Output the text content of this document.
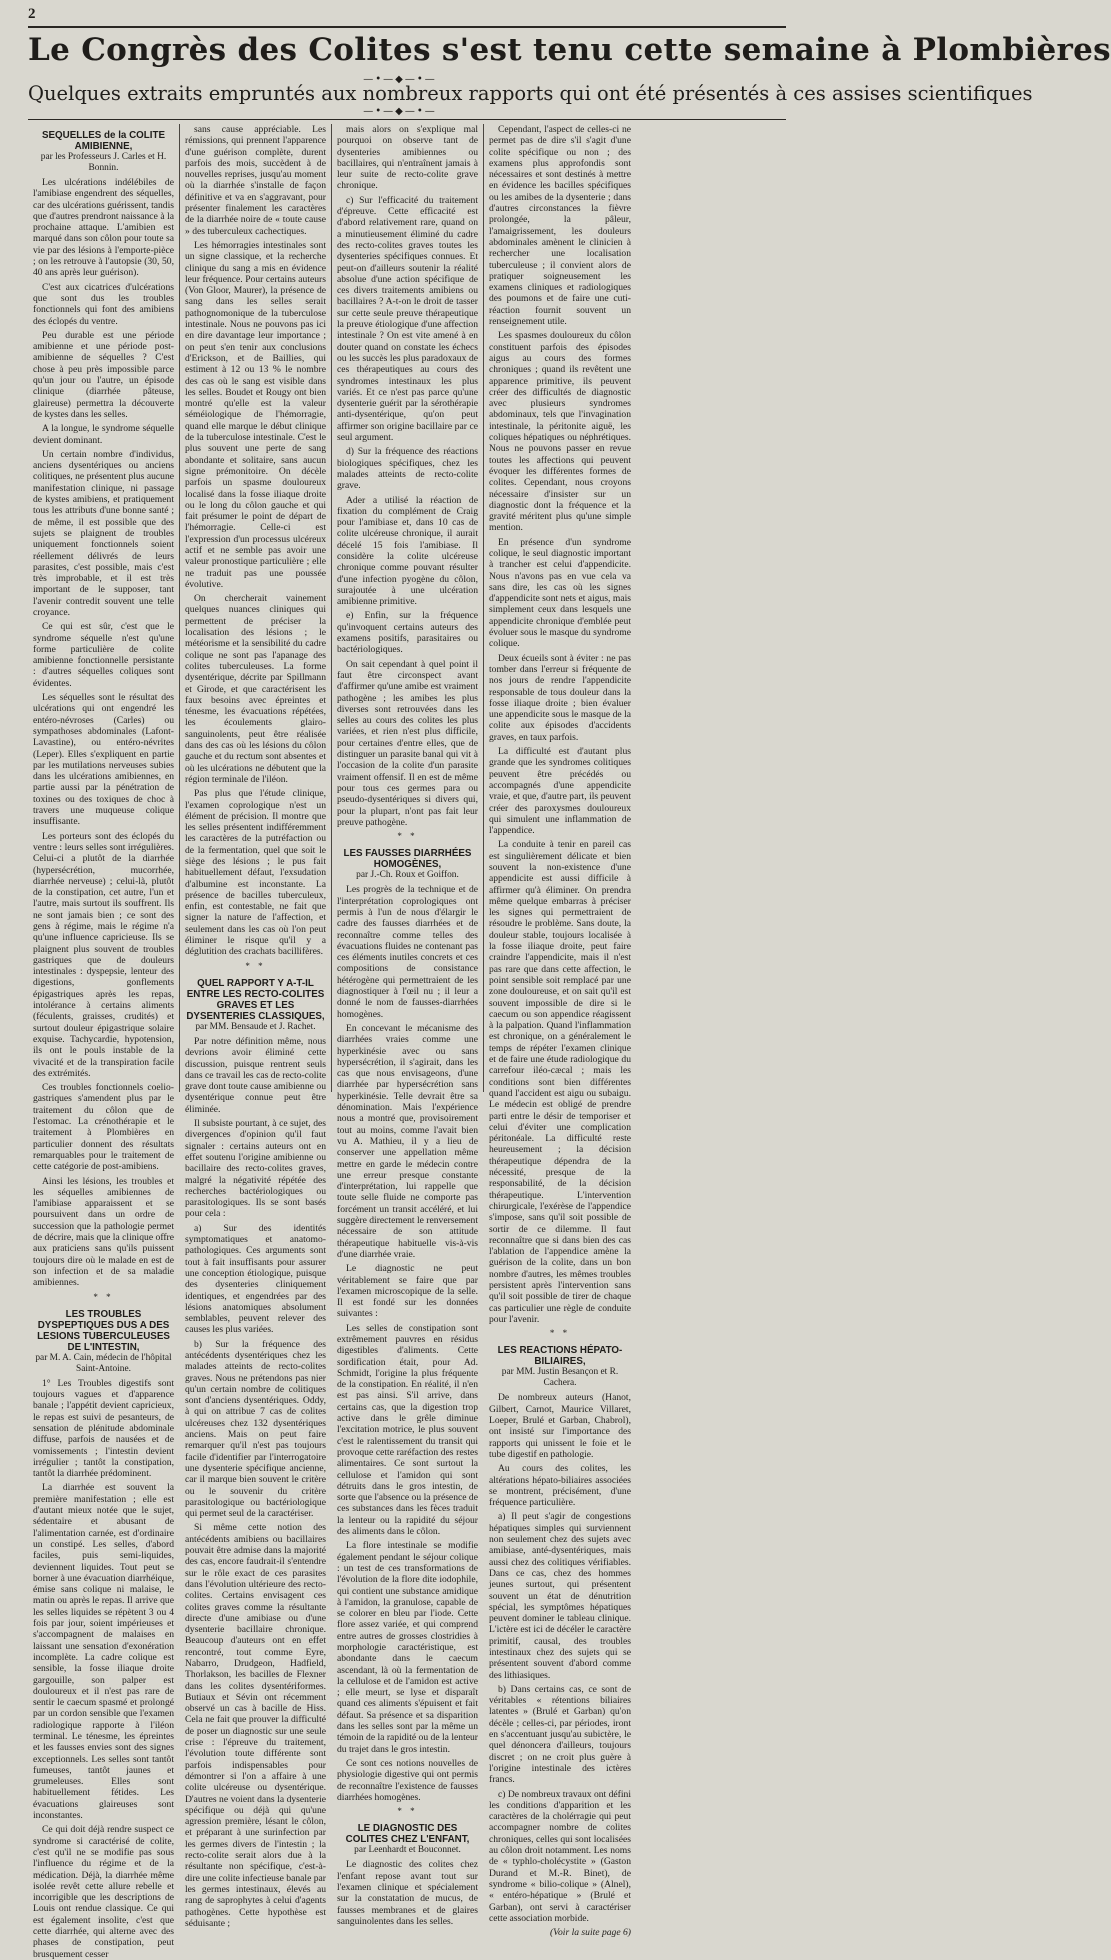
2
Le Congrès des Colites s'est tenu cette semaine à Plombières
—•—◆—•—
Quelques extraits empruntés aux nombreux rapports qui ont été présentés à ces assises scientifiques
—•—◆—•—
SEQUELLES de la COLITE AMIBIENNE,
par les Professeurs J. Carles et H. Bonnin.

Les ulcérations indélébiles de l'amibiase engendrent des séquelles, car des ulcérations guérissent, tandis que d'autres prendront naissance à la prochaine attaque. L'amibien est marqué dans son côlon pour toute sa vie par des lésions à l'emporte-pièce ; on les retrouve à l'autopsie (30, 50, 40 ans après leur guérison).

C'est aux cicatrices d'ulcérations que sont dus les troubles fonctionnels qui font des amibiens des éclopés du ventre.

Peu durable est une période amibienne et une période post-amibienne de séquelles ? C'est chose à peu près impossible parce qu'un jour ou l'autre, un épisode clinique (diarrhée pâteuse, glaireuse) permettra la découverte de kystes dans les selles.

A la longue, le syndrome séquelle devient dominant.

Un certain nombre d'individus, anciens dysentériques ou anciens colitiques, ne présentent plus aucune manifestation clinique, ni passage de kystes amibiens, et pratiquement tous les attributs d'une bonne santé ; de même, il est possible que des sujets se plaignent de troubles uniquement fonctionnels soient réellement délivrés de leurs parasites, c'est possible, mais c'est très improbable, et il est très important de le supposer, tant l'avenir contredit souvent une telle croyance.

Ce qui est sûr, c'est que le syndrome séquelle n'est qu'une forme particulière de colite amibienne fonctionnelle persistante : d'autres séquelles coliques sont évidentes.

Les séquelles sont le résultat des ulcérations qui ont engendré les entéro-névroses (Carles) ou sympathoses abdominales (Lafont-Lavastine), ou entéro-névrites (Leper). Elles s'expliquent en partie par les mutilations nerveuses subies dans les ulcérations amibiennes, en partie aussi par la pénétration de toxines ou des toxiques de choc à travers une muqueuse colique insuffisante.

Les porteurs sont des éclopés du ventre : leurs selles sont irrégulières. Celui-ci a plutôt de la diarrhée (hypersécrétion, mucorrhée, diarrhée nerveuse) ; celui-là, plutôt de la constipation, cet autre, l'un et l'autre, mais surtout ils souffrent. Ils ne sont jamais bien ; ce sont des gens à régime, mais le régime n'a qu'une influence capricieuse. Ils se plaignent plus souvent de troubles gastriques que de douleurs intestinales : dyspepsie, lenteur des digestions, gonflements épigastriques après les repas, intolérance à certains aliments (féculents, graisses, crudités) et surtout douleur épigastrique solaire exquise. Tachycardie, hypotension, ils ont le pouls instable de la vivacité et de la transpiration facile des extrémités.

Ces troubles fonctionnels coelio-gastriques s'amendent plus par le traitement du côlon que de l'estomac. La crénothérapie et le traitement à Plombières en particulier donnent des résultats remarquables pour le traitement de cette catégorie de post-amibiens.

Ainsi les lésions, les troubles et les séquelles amibiennes de l'amibiase apparaissent et se poursuivent dans un ordre de succession que la pathologie permet de décrire, mais que la clinique offre aux praticiens sans qu'ils puissent toujours dire où le malade en est de son infection et de sa maladie amibiennes.

* *
LES TROUBLES DYSPEPTIQUES DUS A DES LESIONS TUBERCULEUSES DE L'INTESTIN,
par M. A. Cain, médecin de l'hôpital Saint-Antoine.

1° Les Troubles digestifs sont toujours vagues et d'apparence banale ; l'appétit devient capricieux, le repas est suivi de pesanteurs, de sensation de plénitude abdominale diffuse, parfois de nausées et de vomissements ; l'intestin devient irrégulier ; tantôt la constipation, tantôt la diarrhée prédominent.

La diarrhée est souvent la première manifestation ; elle est d'autant mieux notée que le sujet, sédentaire et abusant de l'alimentation carnée, est d'ordinaire un constipé. Les selles, d'abord faciles, puis semi-liquides, deviennent liquides. Tout peut se borner à une évacuation diarrhéique, émise sans colique ni malaise, le matin ou après le repas. Il arrive que les selles liquides se répètent 3 ou 4 fois par jour, soient impérieuses et s'accompagnent de malaises en laissant une sensation d'exonération incomplète. La cadre colique est sensible, la fosse iliaque droite gargouille, son palper est douloureux et il n'est pas rare de sentir le caecum spasmé et prolongé par un cordon sensible que l'examen radiologique rapporte à l'iléon terminal. Le ténesme, les épreintes et les fausses envies sont des signes exceptionnels. Les selles sont tantôt fumeuses, tantôt jaunes et grumeleuses. Elles sont habituellement fétides. Les évacuations glaireuses sont inconstantes.

Ce qui doit déjà rendre suspect ce syndrome si caractérisé de colite, c'est qu'il ne se modifie pas sous l'influence du régime et de la médication. Déjà, la diarrhée même isolée revêt cette allure rebelle et incorrigible que les descriptions de Louis ont rendue classique. Ce qui est également insolite, c'est que cette diarrhée, qui alterne avec des phases de constipation, peut brusquement cesser

sans cause appréciable. Les rémissions, qui prennent l'apparence d'une guérison complète, durent parfois des mois, succèdent à de nouvelles reprises, jusqu'au moment où la diarrhée s'installe de façon définitive et va en s'aggravant, pour présenter finalement les caractères de la diarrhée noire de « toute cause » des tuberculeux cachectiques.

Les hémorragies intestinales sont un signe classique, et la recherche clinique du sang a mis en évidence leur fréquence. Pour certains auteurs (Von Gloor, Maurer), la présence de sang dans les selles serait pathognomonique de la tuberculose intestinale. Nous ne pouvons pas ici en dire davantage leur importance ; on peut s'en tenir aux conclusions d'Erickson, et de Baillies, qui estiment à 12 ou 13 % le nombre des cas où le sang est visible dans les selles. Boudet et Rougy ont bien montré qu'elle est la valeur séméiologique de l'hémorragie, quand elle marque le début clinique de la tuberculose intestinale. C'est le plus souvent une perte de sang abondante et solitaire, sans aucun signe prémonitoire. On décèle parfois un spasme douloureux localisé dans la fosse iliaque droite ou le long du côlon gauche et qui fait présumer le point de départ de l'hémorragie. Celle-ci est l'expression d'un processus ulcéreux actif et ne semble pas avoir une valeur pronostique particulière ; elle ne traduit pas une poussée évolutive.

On chercherait vainement quelques nuances cliniques qui permettent de préciser la localisation des lésions ; le météorisme et la sensibilité du cadre colique ne sont pas l'apanage des colites tuberculeuses. La forme dysentérique, décrite par Spillmann et Girode, et que caractérisent les faux besoins avec épreintes et ténesme, les évacuations répétées, les écoulements glairo-sanguinolents, peut être réalisée dans des cas où les lésions du côlon gauche et du rectum sont absentes et où les ulcérations ne débutent que la région terminale de l'iléon.

Pas plus que l'étude clinique, l'examen coprologique n'est un élément de précision. Il montre que les selles présentent indifféremment les caractères de la putréfaction ou de la fermentation, quel que soit le siège des lésions ; le pus fait habituellement défaut, l'exsudation d'albumine est inconstante. La présence de bacilles tuberculeux, enfin, est contestable, ne fait que signer la nature de l'affection, et seulement dans les cas où l'on peut éliminer le risque qu'il y a déglutition des crachats bacillifères.

* *
QUEL RAPPORT Y A-T-IL ENTRE LES RECTO-COLITES GRAVES ET LES DYSENTERIES CLASSIQUES,
par MM. Bensaude et J. Rachet.

Par notre définition même, nous devrions avoir éliminé cette discussion, puisque rentrent seuls dans ce travail les cas de recto-colite grave dont toute cause amibienne ou dysentérique connue peut être éliminée.

Il subsiste pourtant, à ce sujet, des divergences d'opinion qu'il faut signaler : certains auteurs ont en effet soutenu l'origine amibienne ou bacillaire des recto-colites graves, malgré la négativité répétée des recherches bactériologiques ou parasitologiques. Ils se sont basés pour cela :

a) Sur des identités symptomatiques et anatomo-pathologiques. Ces arguments sont tout à fait insuffisants pour assurer une conception étiologique, puisque des dysenteries cliniquement identiques, et engendrées par des lésions anatomiques absolument semblables, peuvent relever des causes les plus variées.

b) Sur la fréquence des antécédents dysentériques chez les malades atteints de recto-colites graves. Nous ne prétendons pas nier qu'un certain nombre de colitiques sont d'anciens dysentériques. Oddy, à qui on attribue 7 cas de colites ulcéreuses chez 132 dysentériques anciens. Mais on peut faire remarquer qu'il n'est pas toujours facile d'identifier par l'interrogatoire une dysenterie spécifique ancienne, car il marque bien souvent le critère ou le souvenir du critère parasitologique ou bactériologique qui permet seul de la caractériser.

Si même cette notion des antécédents amibiens ou bacillaires pouvait être admise dans la majorité des cas, encore faudrait-il s'entendre sur le rôle exact de ces parasites dans l'évolution ultérieure des recto-colites. Certains envisagent ces colites graves comme la résultante directe d'une amibiase ou d'une dysenterie bacillaire chronique. Beaucoup d'auteurs ont en effet rencontré, tout comme Eyre, Nabarro, Drudgeon, Hadfield, Thorlakson, les bacilles de Flexner dans les colites dysentériformes. Butiaux et Sévin ont récemment observé un cas à bacille de Hiss. Cela ne fait que prouver la difficulté de poser un diagnostic sur une seule crise : l'épreuve du traitement, l'évolution toute différente sont parfois indispensables pour démontrer si l'on a affaire à une colite ulcéreuse ou dysentérique. D'autres ne voient dans la dysenterie spécifique ou déjà qui qu'une agression première, lésant le côlon, et préparant à une surinfection par les germes divers de l'intestin ; la recto-colite serait alors due à la résultante non spécifique, c'est-à-dire une colite infectieuse banale par les germes intestinaux, élevés au rang de saprophytes à celui d'agents pathogènes. Cette hypothèse est séduisante ;

mais alors on s'explique mal pourquoi on observe tant de dysenteries amibiennes ou bacillaires, qui n'entraînent jamais à leur suite de recto-colite grave chronique.

c) Sur l'efficacité du traitement d'épreuve. Cette efficacité est d'abord relativement rare, quand on a minutieusement éliminé du cadre des recto-colites graves toutes les dysenteries spécifiques connues. Et peut-on d'ailleurs soutenir la réalité absolue d'une action spécifique de ces divers traitements amibiens ou bacillaires ? A-t-on le droit de tasser sur cette seule preuve thérapeutique la preuve étiologique d'une affection intestinale ? On est vite amené à en douter quand on constate les échecs ou les succès les plus paradoxaux de ces thérapeutiques au cours des syndromes intestinaux les plus variés. Et ce n'est pas parce qu'une dysenterie guérit par la sérothérapie anti-dysentérique, qu'on peut affirmer son origine bacillaire par ce seul argument.

d) Sur la fréquence des réactions biologiques spécifiques, chez les malades atteints de recto-colite grave.

Ader a utilisé la réaction de fixation du complément de Craig pour l'amibiase et, dans 10 cas de colite ulcéreuse chronique, il aurait décelé 15 fois l'amibiase. Il considère la colite ulcéreuse chronique comme pouvant résulter d'une infection pyogène du côlon, surajoutée à une ulcération amibienne primitive.

e) Enfin, sur la fréquence qu'invoquent certains auteurs des examens positifs, parasitaires ou bactériologiques.

On sait cependant à quel point il faut être circonspect avant d'affirmer qu'une amibe est vraiment pathogène ; les amibes les plus diverses sont retrouvées dans les selles au cours des colites les plus variées, et rien n'est plus difficile, pour certaines d'entre elles, que de distinguer un parasite banal qui vit à l'occasion de la colite d'un parasite vraiment offensif. Il en est de même pour tous ces germes para ou pseudo-dysentériques si divers qui, pour la plupart, n'ont pas fait leur preuve pathogène.

* *
LES FAUSSES DIARRHÉES HOMOGÈNES,
par J.-Ch. Roux et Goiffon.

Les progrès de la technique et de l'interprétation coprologiques ont permis à l'un de nous d'élargir le cadre des fausses diarrhées et de reconnaître comme telles des évacuations fluides ne contenant pas ces éléments inutiles concrets et ces compositions de consistance hétérogène qui permettraient de les diagnostiquer à l'œil nu ; il leur a donné le nom de fausses-diarrhées homogènes.

En concevant le mécanisme des diarrhées vraies comme une hyperkinésie avec ou sans hypersécrétion, il s'agirait, dans les cas que nous envisageons, d'une diarrhée par hypersécrétion sans hyperkinésie. Telle devrait être sa dénomination. Mais l'expérience nous a montré que, provisoirement tout au moins, comme l'avait bien vu A. Mathieu, il y a lieu de conserver une appellation même mettre en garde le médecin contre une erreur presque constante d'interprétation, lui rappelle que toute selle fluide ne comporte pas forcément un transit accéléré, et lui suggère directement le renversement nécessaire de son attitude thérapeutique habituelle vis-à-vis d'une diarrhée vraie.

Le diagnostic ne peut véritablement se faire que par l'examen microscopique de la selle. Il est fondé sur les données suivantes :

Les selles de constipation sont extrêmement pauvres en résidus digestibles d'aliments. Cette sordification était, pour Ad. Schmidt, l'origine la plus fréquente de la constipation. En réalité, il n'en est pas ainsi. S'il arrive, dans certains cas, que la digestion trop active dans le grêle diminue l'excitation motrice, le plus souvent c'est le ralentissement du transit qui provoque cette raréfaction des restes alimentaires. Ce sont surtout la cellulose et l'amidon qui sont détruits dans le gros intestin, de sorte que l'absence ou la présence de ces substances dans les fèces traduit la lenteur ou la rapidité du séjour des aliments dans le côlon.

La flore intestinale se modifie également pendant le séjour colique : un test de ces transformations de l'évolution de la flore dite iodophile, qui contient une substance amidique à l'amidon, la granulose, capable de se colorer en bleu par l'iode. Cette flore assez variée, et qui comprend entre autres de grosses clostridies à morphologie caractéristique, est abondante dans le caecum ascendant, là où la fermentation de la cellulose et de l'amidon est active ; elle meurt, se lyse et disparaît quand ces aliments s'épuisent et fait défaut. Sa présence et sa disparition dans les selles sont par la même un témoin de la rapidité ou de la lenteur du trajet dans le gros intestin.

Ce sont ces notions nouvelles de physiologie digestive qui ont permis de reconnaître l'existence de fausses diarrhées homogènes.

* *
LE DIAGNOSTIC DES COLITES CHEZ L'ENFANT,
par Leenhardt et Bouconnet.

Le diagnostic des colites chez l'enfant repose avant tout sur l'examen clinique et spécialement sur la constatation de mucus, de fausses membranes et de glaires sanguinolentes dans les selles.

Cependant, l'aspect de celles-ci ne permet pas de dire s'il s'agit d'une colite spécifique ou non ; des examens plus approfondis sont nécessaires et sont destinés à mettre en évidence les bacilles spécifiques ou les amibes de la dysenterie ; dans d'autres circonstances la fièvre prolongée, la pâleur, l'amaigrissement, les douleurs abdominales amènent le clinicien à rechercher une localisation tuberculeuse ; il convient alors de pratiquer soigneusement les examens cliniques et radiologiques des poumons et de faire une cuti-réaction fournit souvent un renseignement utile.

Les spasmes douloureux du côlon constituent parfois des épisodes aigus au cours des formes chroniques ; quand ils revêtent une apparence primitive, ils peuvent créer des difficultés de diagnostic avec plusieurs syndromes abdominaux, tels que l'invagination intestinale, la péritonite aiguë, les coliques hépatiques ou néphrétiques. Nous ne pouvons passer en revue toutes les affections qui peuvent évoquer les différentes formes de colites. Cependant, nous croyons nécessaire d'insister sur un diagnostic dont la fréquence et la gravité méritent plus qu'une simple mention.

En présence d'un syndrome colique, le seul diagnostic important à trancher est celui d'appendicite. Nous n'avons pas en vue cela va sans dire, les cas où les signes d'appendicite sont nets et aigus, mais simplement ceux dans lesquels une appendicite chronique d'emblée peut évoluer sous le masque du syndrome colique.

Deux écueils sont à éviter : ne pas tomber dans l'erreur si fréquente de nos jours de rendre l'appendicite responsable de tous douleur dans la fosse iliaque droite ; bien évaluer une appendicite sous le masque de la colite aux épisodes d'accidents graves, en taux parfois.

La difficulté est d'autant plus grande que les syndromes colitiques peuvent être précédés ou accompagnés d'une appendicite vraie, et que, d'autre part, ils peuvent créer des paroxysmes douloureux qui simulent une inflammation de l'appendice.

La conduite à tenir en pareil cas est singulièrement délicate et bien souvent la non-existence d'une appendicite est aussi difficile à affirmer qu'à éliminer. On prendra même quelque embarras à préciser les signes qui permettraient de résoudre le problème. Sans doute, la douleur stable, toujours localisée à la fosse iliaque droite, peut faire craindre l'appendicite, mais il n'est pas rare que dans cette affection, le point sensible soit remplacé par une zone douloureuse, et on sait qu'il est souvent impossible de dire si le caecum ou son appendice réagissent à la palpation. Quand l'inflammation est chronique, on a généralement le temps de répéter l'examen clinique et de faire une étude radiologique du carrefour iléo-cæcal ; mais les conditions sont bien différentes quand l'accident est aigu ou subaigu. Le médecin est obligé de prendre parti entre le désir de temporiser et celui d'éviter une complication péritonéale. La difficulté reste heureusement ; la décision thérapeutique dépendra de la nécessité, presque de la responsabilité, de la décision thérapeutique. L'intervention chirurgicale, l'exérèse de l'appendice s'impose, sans qu'il soit possible de sortir de ce dilemme. Il faut reconnaître que si dans bien des cas l'ablation de l'appendice amène la guérison de la colite, dans un bon nombre d'autres, les mêmes troubles persistent après l'intervention sans qu'il soit possible de tirer de chaque cas particulier une règle de conduite pour l'avenir.

* *
LES REACTIONS HÉPATO-BILIAIRES,
par MM. Justin Besançon et R. Cachera.

De nombreux auteurs (Hanot, Gilbert, Carnot, Maurice Villaret, Loeper, Brulé et Garban, Chabrol), ont insisté sur l'importance des rapports qui unissent le foie et le tube digestif en pathologie.

Au cours des colites, les altérations hépato-biliaires associées se montrent, précisément, d'une fréquence particulière.

a) Il peut s'agir de congestions hépatiques simples qui surviennent non seulement chez des sujets avec amibiase, anté-dysentériques, mais aussi chez des colitiques vérifiables. Dans ce cas, chez des hommes jeunes surtout, qui présentent souvent un état de dénutrition spécial, les symptômes hépatiques peuvent dominer le tableau clinique. L'ictère est ici de décéler le caractère primitif, causal, des troubles intestinaux chez des sujets qui se présentent souvent d'abord comme des lithiasiques.

b) Dans certains cas, ce sont de véritables « rétentions biliaires latentes » (Brulé et Garban) qu'on décèle ; celles-ci, par périodes, iront en s'accentuant jusqu'au subictère, le quel dénoncera d'ailleurs, toujours discret ; on ne croit plus guère à l'origine intestinale des ictères francs.

c) De nombreux travaux ont défini les conditions d'apparition et les caractères de la cholérragie qui peut accompagner nombre de colites chroniques, celles qui sont localisées au côlon droit notamment. Les noms de « typhlo-cholécystite » (Gaston Durand et M.-R. Binet), de syndrome « bilio-colique » (Alnel), « entéro-hépatique » (Brulé et Garban), ont servi à caractériser cette association morbide.

(Voir la suite page 6)
